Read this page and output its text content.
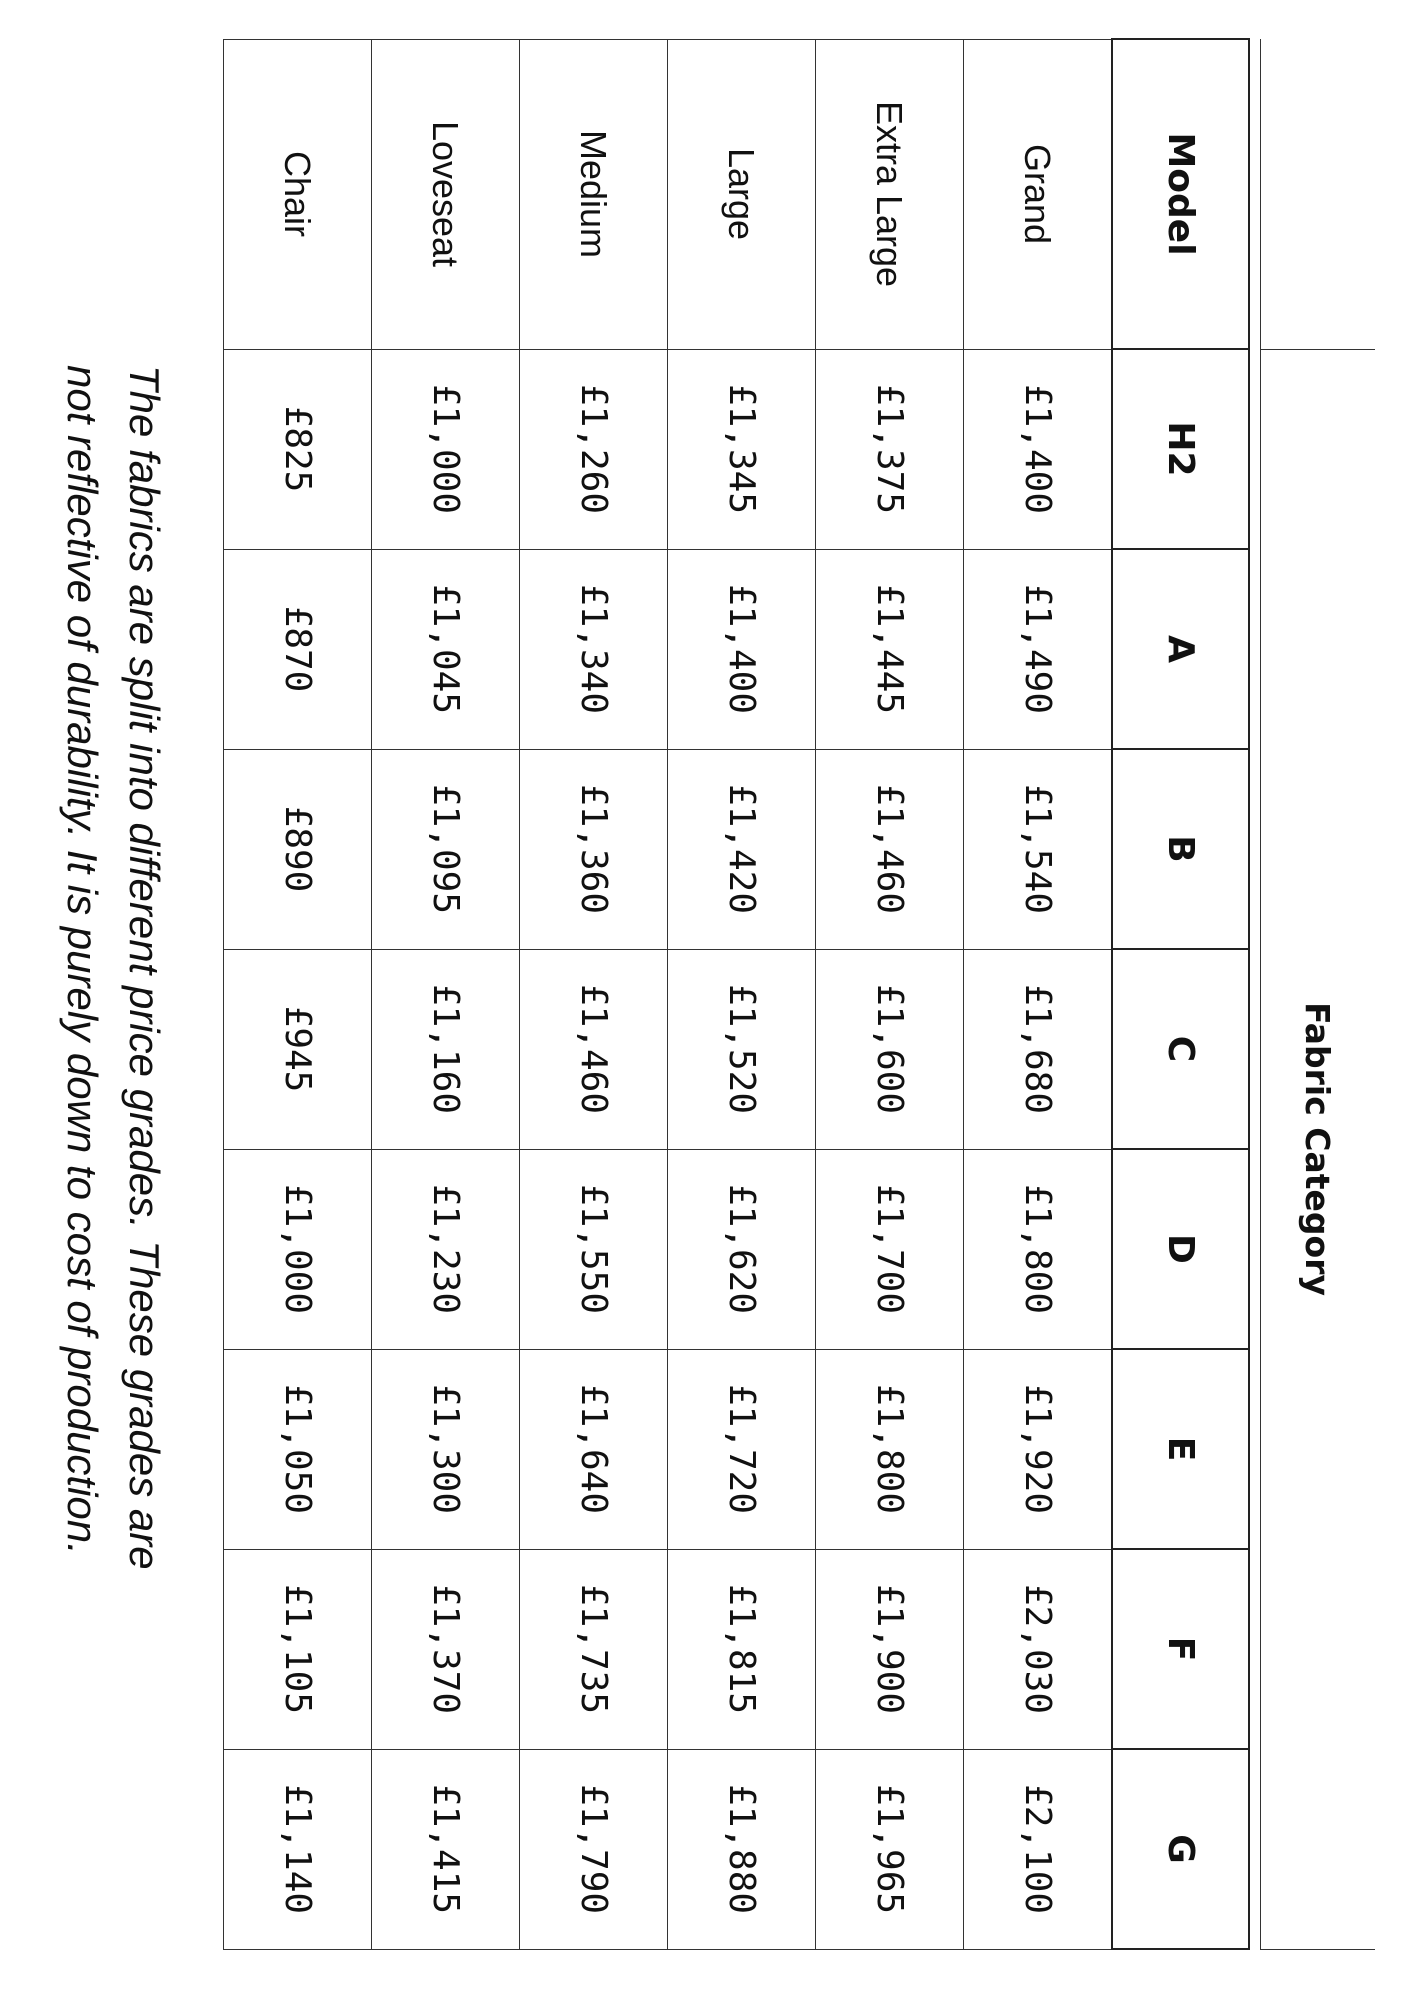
	Fabric Category							

Model	H2	A	B	C	D	E	F	G
Grand	£1,400	£1,490	£1,540	£1,680	£1,800	£1,920	£2,030	£2,100
Extra Large	£1,375	£1,445	£1,460	£1,600	£1,700	£1,800	£1,900	£1,965
Large	£1,345	£1,400	£1,420	£1,520	£1,620	£1,720	£1,815	£1,880
Medium	£1,260	£1,340	£1,360	£1,460	£1,550	£1,640	£1,735	£1,790
Loveseat	£1,000	£1,045	£1,095	£1,160	£1,230	£1,300	£1,370	£1,415
Chair	£825	£870	£890	£945	£1,000	£1,050	£1,105	£1,140
The fabrics are split into different price grades. These grades are
not reflective of durability. It is purely down to cost of production.
